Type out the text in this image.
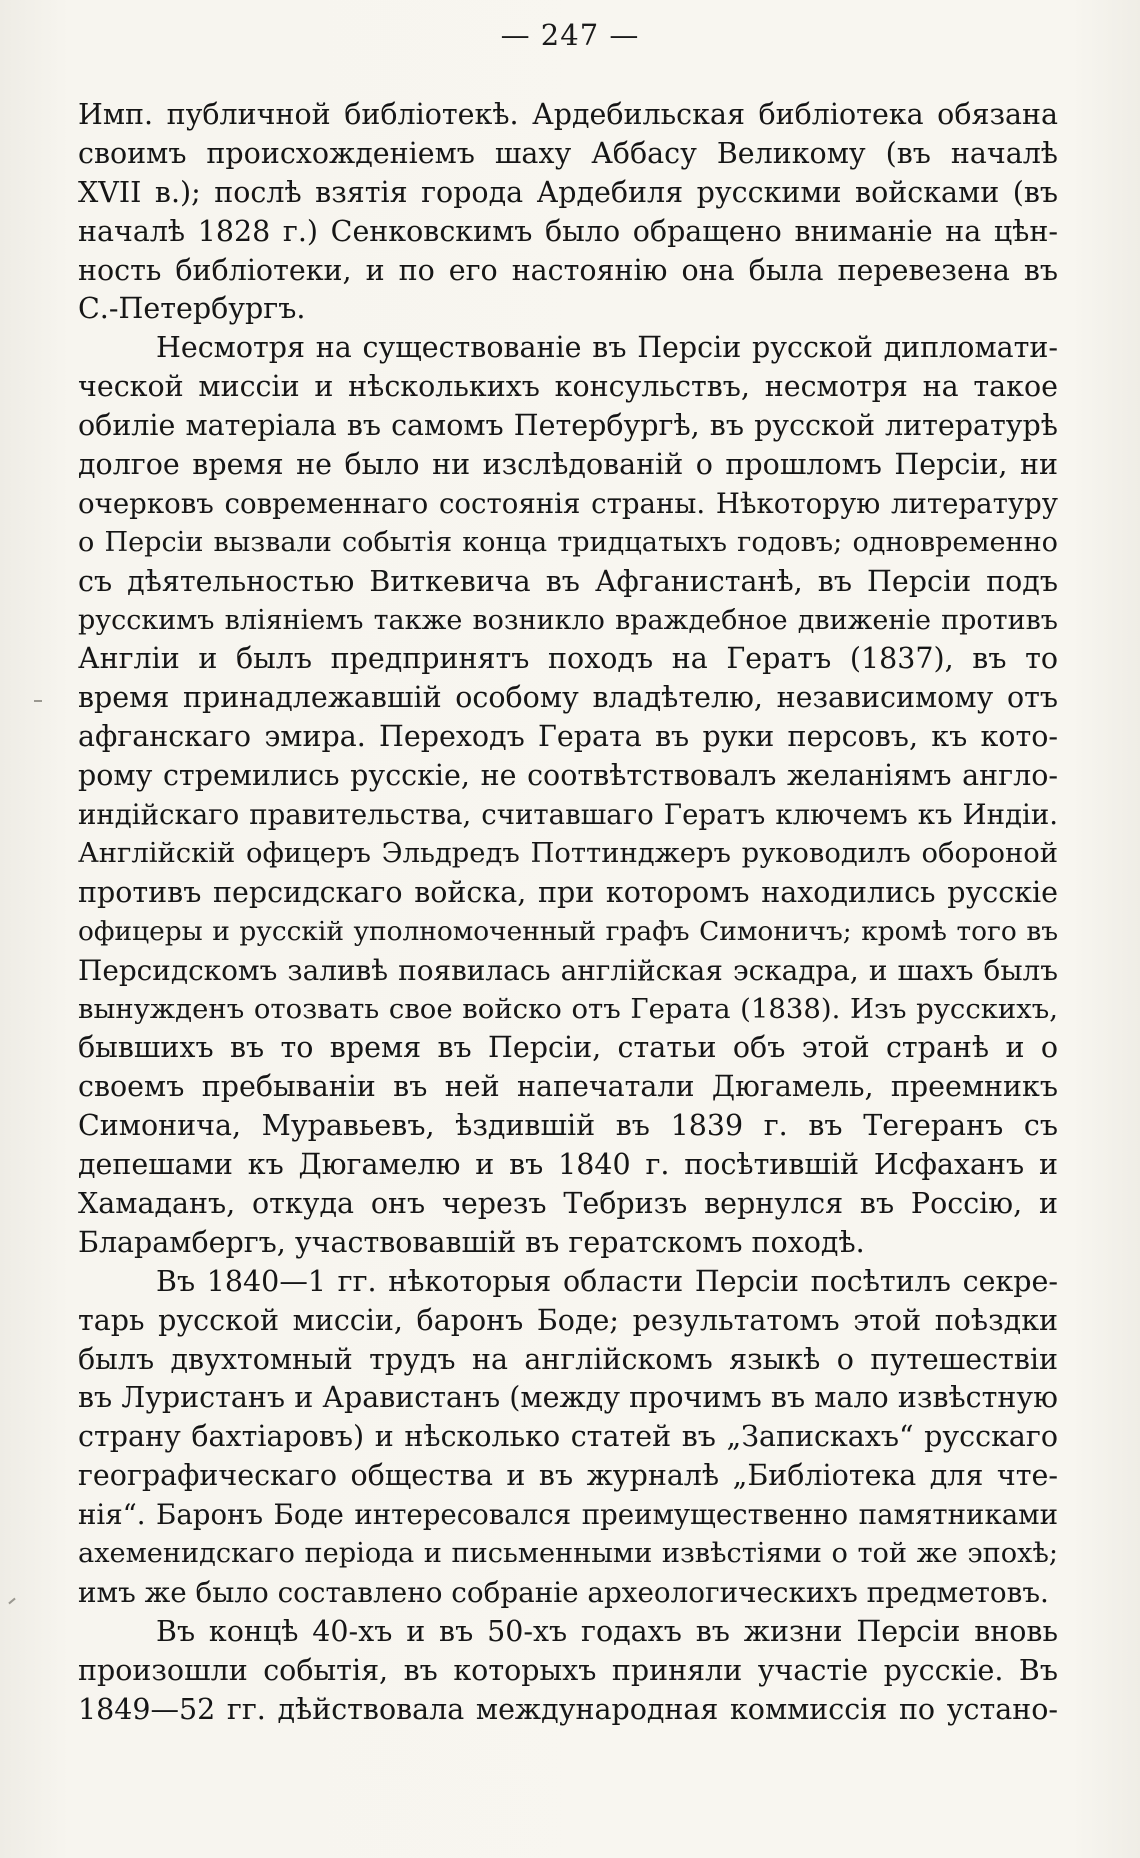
— 247 —
Имп. публичной библіотекѣ. Ардебильская библіотека обязана
своимъ происхожденіемъ шаху Аббасу Великому (въ началѣ
XVII в.); послѣ взятія города Ардебиля русскими войсками (въ
началѣ 1828 г.) Сенковскимъ было обращено вниманіе на цѣн-
ность библіотеки, и по его настоянію она была перевезена въ
С.-Петербургъ.
Несмотря на существованіе въ Персіи русской дипломати-
ческой миссіи и нѣсколькихъ консульствъ, несмотря на такое
обиліе матеріала въ самомъ Петербургѣ, въ русской литературѣ
долгое время не было ни изслѣдованій о прошломъ Персіи, ни
очерковъ современнаго состоянія страны. Нѣкоторую литературу
о Персіи вызвали событія конца тридцатыхъ годовъ; одновременно
съ дѣятельностью Виткевича въ Афганистанѣ, въ Персіи подъ
русскимъ вліяніемъ также возникло враждебное движеніе противъ
Англіи и былъ предпринятъ походъ на Гератъ (1837), въ то
время принадлежавшій особому владѣтелю, независимому отъ
афганскаго эмира. Переходъ Герата въ руки персовъ, къ кото-
рому стремились русскіе, не соотвѣтствовалъ желаніямъ англо-
индійскаго правительства, считавшаго Гератъ ключемъ къ Индіи.
Англійскій офицеръ Эльдредъ Поттинджеръ руководилъ обороной
противъ персидскаго войска, при которомъ находились русскіе
офицеры и русскій уполномоченный графъ Симоничъ; кромѣ того въ
Персидскомъ заливѣ появилась англійская эскадра, и шахъ былъ
вынужденъ отозвать свое войско отъ Герата (1838). Изъ русскихъ,
бывшихъ въ то время въ Персіи, статьи объ этой странѣ и о
своемъ пребываніи въ ней напечатали Дюгамель, преемникъ
Симонича, Муравьевъ, ѣздившій въ 1839 г. въ Тегеранъ съ
депешами къ Дюгамелю и въ 1840 г. посѣтившій Исфаханъ и
Хамаданъ, откуда онъ черезъ Тебризъ вернулся въ Россію, и
Бларамбергъ, участвовавшій въ гератскомъ походѣ.
Въ 1840—1 гг. нѣкоторыя области Персіи посѣтилъ секре-
тарь русской миссіи, баронъ Боде; результатомъ этой поѣздки
былъ двухтомный трудъ на англійскомъ языкѣ о путешествіи
въ Луристанъ и Аравистанъ (между прочимъ въ мало извѣстную
страну бахтіаровъ) и нѣсколько статей въ „Запискахъ“ русскаго
географическаго общества и въ журналѣ „Библіотека для чте-
нія“. Баронъ Боде интересовался преимущественно памятниками
ахеменидскаго періода и письменными извѣстіями о той же эпохѣ;
имъ же было составлено собраніе археологическихъ предметовъ.
Въ концѣ 40-хъ и въ 50-хъ годахъ въ жизни Персіи вновь
произошли событія, въ которыхъ приняли участіе русскіе. Въ
1849—52 гг. дѣйствовала международная коммиссія по устано-
